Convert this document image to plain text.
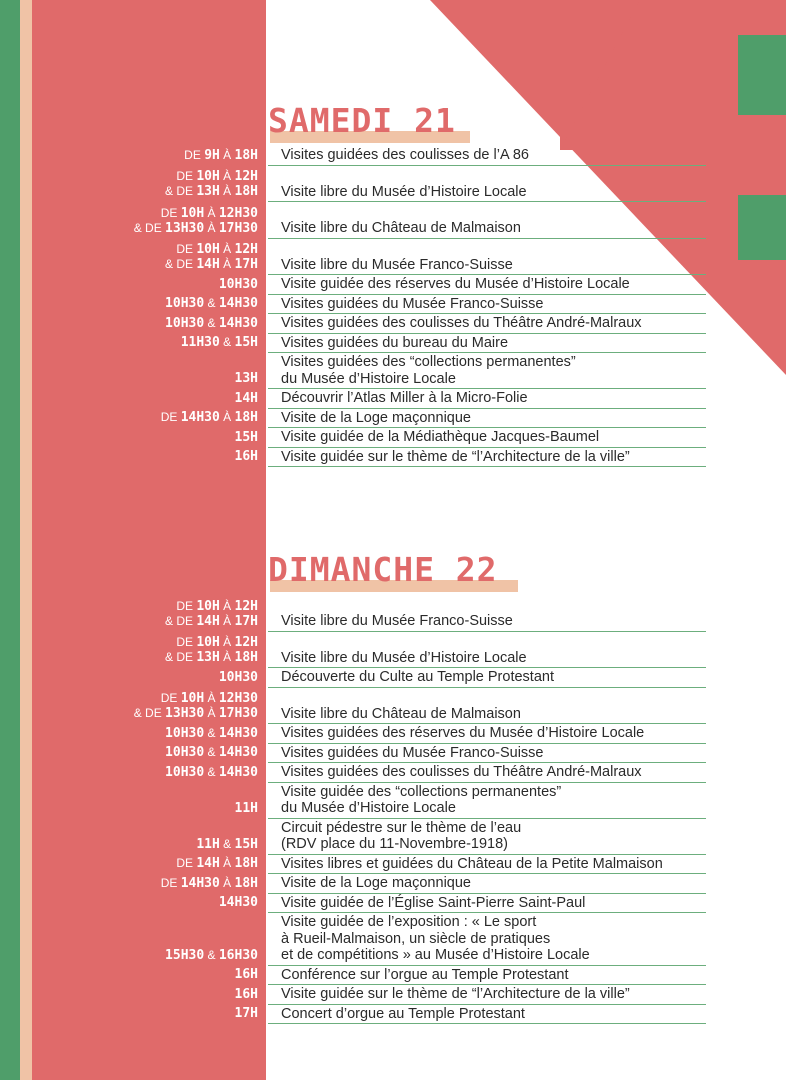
SAMEDI 21
DE 9H À 18H Visites guidées des coulisses de l’A 86
DE 10H À 12H
& DE 13H À 18H Visite libre du Musée d’Histoire Locale
DE 10H À 12H30
& DE 13H30 À 17H30 Visite libre du Château de Malmaison
DE 10H À 12H
& DE 14H À 17H Visite libre du Musée Franco-Suisse
10H30 Visite guidée des réserves du Musée d’Histoire Locale
10H30 & 14H30 Visites guidées du Musée Franco-Suisse
10H30 & 14H30 Visites guidées des coulisses du Théâtre André-Malraux
11H30 & 15H Visites guidées du bureau du Maire
13H
Visites guidées des “collections permanentes”
du Musée d’Histoire Locale
14H Découvrir l’Atlas Miller à la Micro-Folie
DE 14H30 À 18H Visite de la Loge maçonnique
15H Visite guidée de la Médiathèque Jacques-Baumel
16H Visite guidée sur le thème de “l’Architecture de la ville”
DIMANCHE 22
DE 10H À 12H
& DE 14H À 17H Visite libre du Musée Franco-Suisse
DE 10H À 12H
& DE 13H À 18H Visite libre du Musée d’Histoire Locale
10H30 Découverte du Culte au Temple Protestant
DE 10H À 12H30
& DE 13H30 À 17H30 Visite libre du Château de Malmaison
10H30 & 14H30 Visites guidées des réserves du Musée d’Histoire Locale
10H30 & 14H30 Visites guidées du Musée Franco-Suisse
10H30 & 14H30 Visites guidées des coulisses du Théâtre André-Malraux
11H
Visite guidée des “collections permanentes”
du Musée d’Histoire Locale
11H & 15H
Circuit pédestre sur le thème de l’eau
(RDV place du 11-Novembre-1918)
DE 14H À 18H Visites libres et guidées du Château de la Petite Malmaison
DE 14H30 À 18H Visite de la Loge maçonnique
14H30 Visite guidée de l’Église Saint-Pierre Saint-Paul
15H30 & 16H30
Visite guidée de l’exposition : « Le sport
à Rueil-Malmaison, un siècle de pratiques
et de compétitions » au Musée d’Histoire Locale
16H Conférence sur l’orgue au Temple Protestant
16H Visite guidée sur le thème de “l’Architecture de la ville”
17H Concert d’orgue au Temple Protestant
